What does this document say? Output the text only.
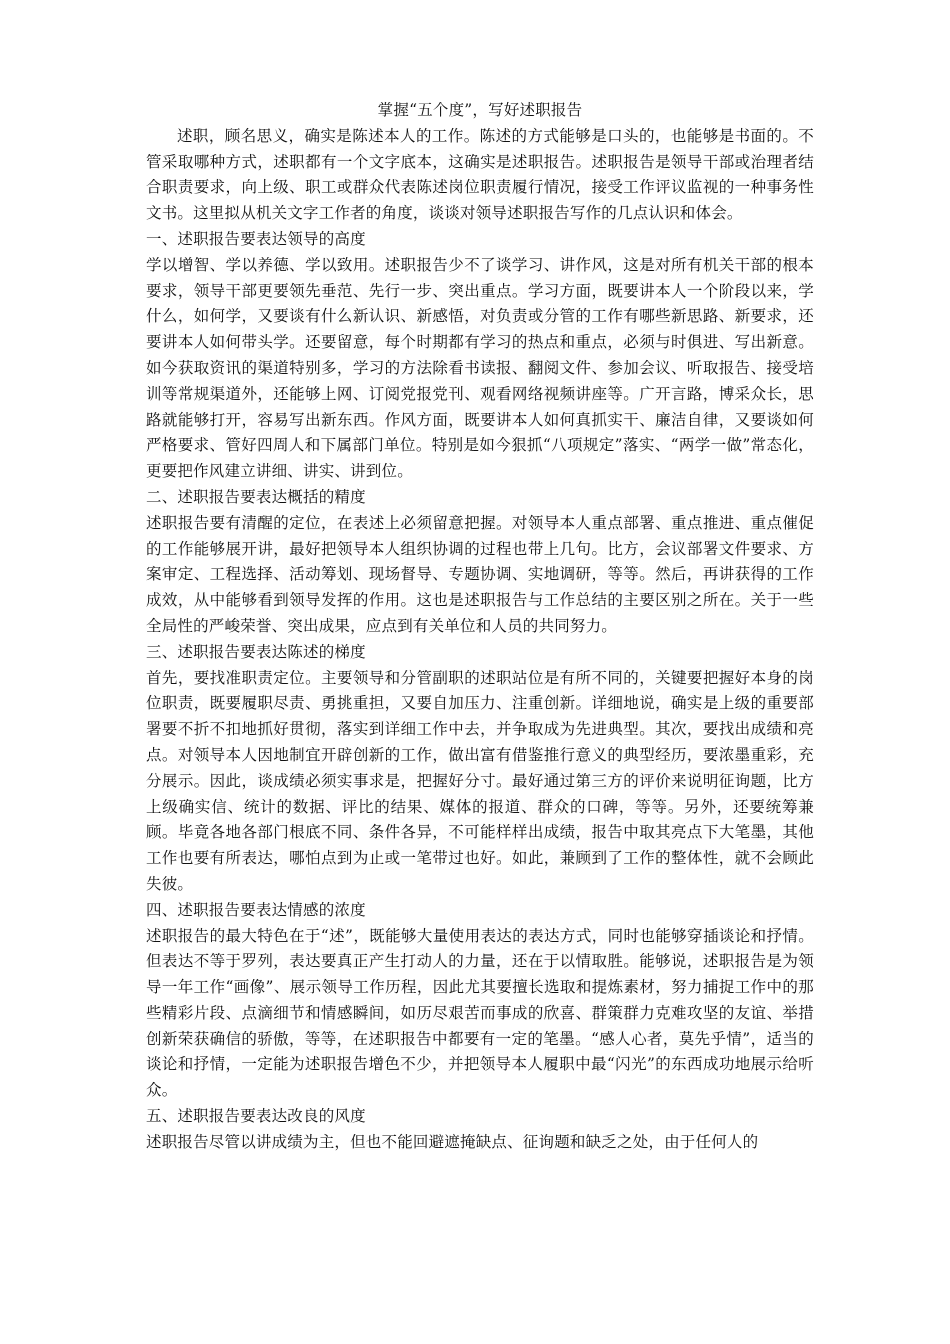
掌握“五个度”，写好述职报告

述职，顾名思义，确实是陈述本人的工作。陈述的方式能够是口头的，也能够是书面的。不管采取哪种方式，述职都有一个文字底本，这确实是述职报告。述职报告是领导干部或治理者结合职责要求，向上级、职工或群众代表陈述岗位职责履行情况，接受工作评议监视的一种事务性文书。这里拟从机关文字工作者的角度，谈谈对领导述职报告写作的几点认识和体会。

一、述职报告要表达领导的高度

学以增智、学以养德、学以致用。述职报告少不了谈学习、讲作风，这是对所有机关干部的根本要求，领导干部更要领先垂范、先行一步、突出重点。学习方面，既要讲本人一个阶段以来，学什么，如何学，又要谈有什么新认识、新感悟，对负责或分管的工作有哪些新思路、新要求，还要讲本人如何带头学。还要留意，每个时期都有学习的热点和重点，必须与时俱进、写出新意。如今获取资讯的渠道特别多，学习的方法除看书读报、翻阅文件、参加会议、听取报告、接受培训等常规渠道外，还能够上网、订阅党报党刊、观看网络视频讲座等。广开言路，博采众长，思路就能够打开，容易写出新东西。作风方面，既要讲本人如何真抓实干、廉洁自律，又要谈如何严格要求、管好四周人和下属部门单位。特别是如今狠抓“八项规定”落实、“两学一做”常态化，更要把作风建立讲细、讲实、讲到位。

二、述职报告要表达概括的精度

述职报告要有清醒的定位，在表述上必须留意把握。对领导本人重点部署、重点推进、重点催促的工作能够展开讲，最好把领导本人组织协调的过程也带上几句。比方，会议部署文件要求、方案审定、工程选择、活动筹划、现场督导、专题协调、实地调研，等等。然后，再讲获得的工作成效，从中能够看到领导发挥的作用。这也是述职报告与工作总结的主要区别之所在。关于一些全局性的严峻荣誉、突出成果，应点到有关单位和人员的共同努力。

三、述职报告要表达陈述的梯度

首先，要找准职责定位。主要领导和分管副职的述职站位是有所不同的，关键要把握好本身的岗位职责，既要履职尽责、勇挑重担，又要自加压力、注重创新。详细地说，确实是上级的重要部署要不折不扣地抓好贯彻，落实到详细工作中去，并争取成为先进典型。其次，要找出成绩和亮点。对领导本人因地制宜开辟创新的工作，做出富有借鉴推行意义的典型经历，要浓墨重彩，充分展示。因此，谈成绩必须实事求是，把握好分寸。最好通过第三方的评价来说明征询题，比方上级确实信、统计的数据、评比的结果、媒体的报道、群众的口碑，等等。另外，还要统筹兼顾。毕竟各地各部门根底不同、条件各异，不可能样样出成绩，报告中取其亮点下大笔墨，其他工作也要有所表达，哪怕点到为止或一笔带过也好。如此，兼顾到了工作的整体性，就不会顾此失彼。

四、述职报告要表达情感的浓度

述职报告的最大特色在于“述”，既能够大量使用表达的表达方式，同时也能够穿插谈论和抒情。但表达不等于罗列，表达要真正产生打动人的力量，还在于以情取胜。能够说，述职报告是为领导一年工作“画像”、展示领导工作历程，因此尤其要擅长选取和提炼素材，努力捕捉工作中的那些精彩片段、点滴细节和情感瞬间，如历尽艰苦而事成的欣喜、群策群力克难攻坚的友谊、举措创新荣获确信的骄傲，等等，在述职报告中都要有一定的笔墨。“感人心者，莫先乎情”，适当的谈论和抒情，一定能为述职报告增色不少，并把领导本人履职中最“闪光”的东西成功地展示给听众。

五、述职报告要表达改良的风度

述职报告尽管以讲成绩为主，但也不能回避遮掩缺点、征询题和缺乏之处，由于任何人的
